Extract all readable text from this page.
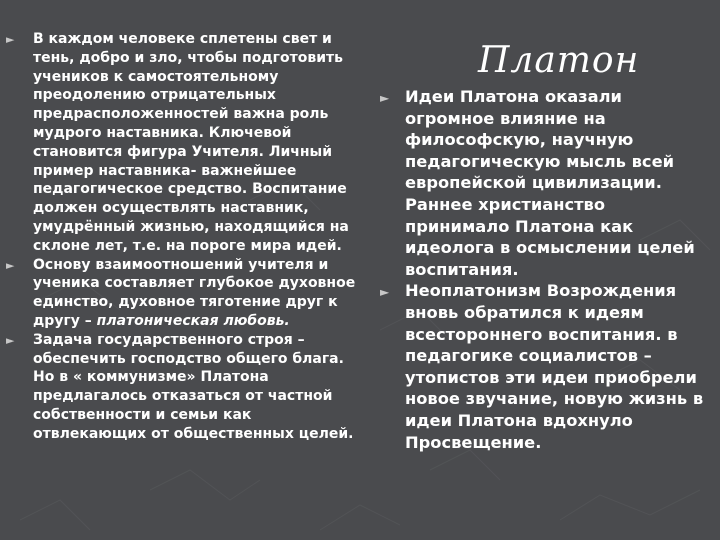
Платон
► В каждом человеке сплетены свет и тень, добро и зло, чтобы подготовить учеников к самостоятельному преодолению отрицательных предрасположенностей важна роль мудрого наставника. Ключевой становится фигура Учителя. Личный пример наставника- важнейшее педагогическое средство. Воспитание должен осуществлять наставник, умудрённый жизнью, находящийся на склоне лет, т.е. на пороге мира идей.
► Основу взаимоотношений учителя и ученика составляет глубокое духовное единство, духовное тяготение друг к другу – платоническая любовь.
► Задача государственного строя – обеспечить господство общего блага. Но в « коммунизме» Платона предлагалось отказаться от частной собственности и семьи как отвлекающих от общественных целей.
► Идеи Платона оказали огромное влияние на философскую, научную педагогическую мысль всей европейской цивилизации. Раннее христианство принимало Платона как идеолога в осмыслении целей воспитания.
► Неоплатонизм Возрождения вновь обратился к идеям всестороннего воспитания. в педагогике социалистов – утопистов эти идеи приобрели новое звучание, новую жизнь в идеи Платона вдохнуло Просвещение.
